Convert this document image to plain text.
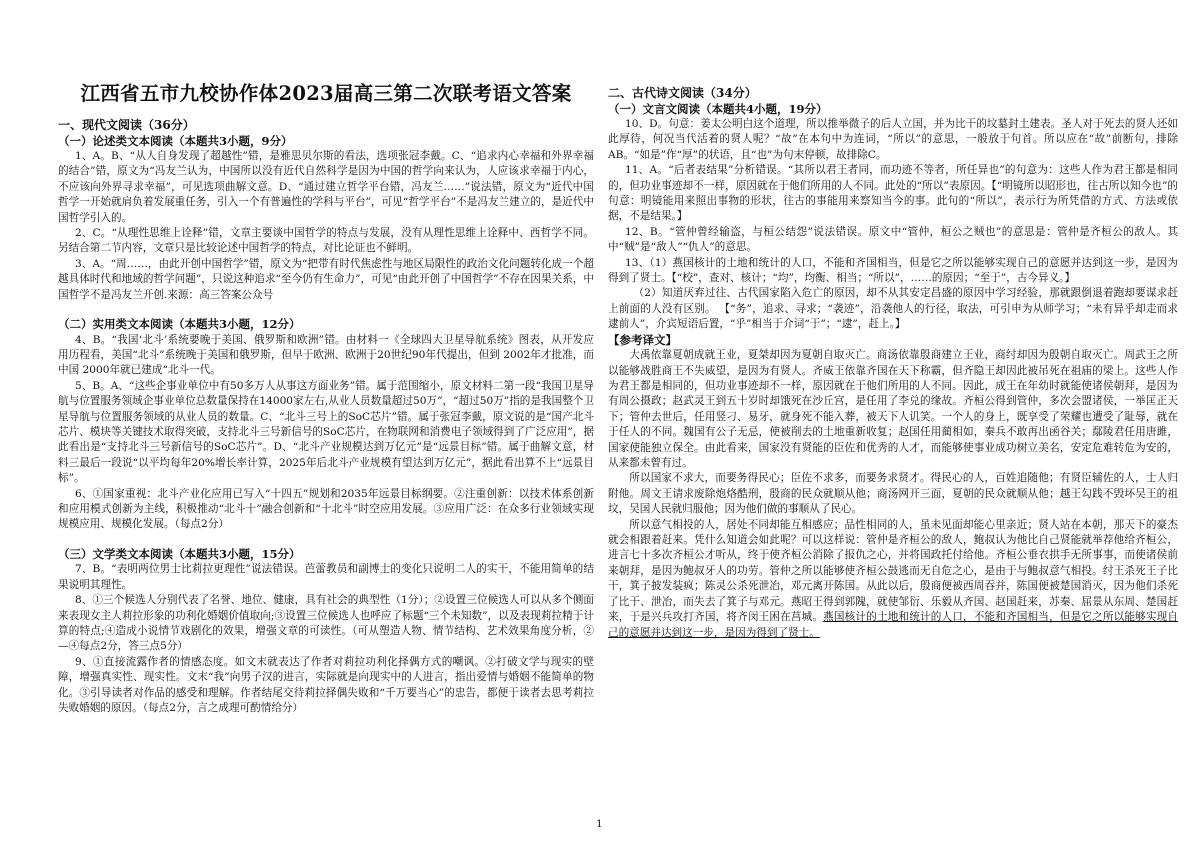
江西省五市九校协作体2023届高三第二次联考语文答案
一、现代文阅读（36分）
（一）论述类文本阅读（本题共3小题，9分）

1、A。B、“从人自身发现了超越性”错，是雅思贝尔斯的看法，选项张冠李戴。C、“追求内心幸福和外界幸福的结合”错，原文为“冯友兰认为，中国所以没有近代自然科学是因为中国的哲学向来认为，人应该求幸福于内心，不应该向外界寻求幸福”，可见选项曲解文意。D、“通过建立哲学平台错，冯友兰……”说法错，原文为“近代中国哲学一开始就肩负着发展重任务，引入一个有普遍性的学科与平台”，可见“哲学平台”不是冯友兰建立的，是近代中国哲学引入的。

2、C。“从理性思维上诠释”错，文章主要谈中国哲学的特点与发展，没有从理性思维上诠释中、西哲学不同。另结合第二节内容，文章只是比较论述中国哲学的特点，对比论证也不鲜明。

3、A。“周……，由此开创中国哲学”错，原文为“把带有时代焦虑性与地区局限性的政治文化问题转化成一个超越具体时代和地域的哲学问题”，只说这种追求“至今仍有生命力”，可见“由此开创了中国哲学”不存在因果关系，中国哲学不是冯友兰开创.来源：高三答案公众号

（二）实用类文本阅读（本题共3小题，12分）

4、B。“我国‘北斗’系统要晚于美国、俄罗斯和欧洲”错。由材料一《全球四大卫星导航系统》图表，从开发应用历程看，美国“北斗”系统晚于美国和俄罗斯，但早于欧洲、欧洲于20世纪90年代提出，但到 2002年才批准，而中国 2000年就已建成“北斗一代。

5、B。A、“这些企事业单位中有50多万人从事这方面业务”错。属于范围缩小，原文材料二第一段“我国卫星导航与位置服务领域企事业单位总数量保持在14000家左右,从业人员数量超过50万”，“超过50万”指的是我国整个卫星导航与位置服务领域的从业人员的数量。C、“北斗三号上的SoC芯片”错。属于张冠李戴，原文说的是“国产北斗芯片、模块等关键技术取得突破，支持北斗三号新信号的SoC芯片，在物联网和消费电子领域得到了广泛应用”，据此看出是“支持北斗三号新信号的SoC芯片”。D、“北斗产业规模达到万亿元”是“远景目标”错。属于曲解文意，材料三最后一段说“以平均每年20%增长率计算，2025年后北斗产业规模有望达到万亿元”，据此看出算不上“远景目标”。

6、①国家重视：北斗产业化应用已写入“十四五”规划和2035年远景目标纲要。②注重创新：以技术体系创新和应用模式创新为主线，积极推动“北斗十”融合创新和“十北斗”时空应用发展。③应用广泛：在众多行业领域实现规模应用、规模化发展。（每点2分）

（三）文学类文本阅读（本题共3小题，15分）

7、B。“表明两位男士比莉拉更理性”说法错误。芭蕾教员和副博士的变化只说明二人的实干，不能用简单的结果说明其理性。

8、①三个候选人分别代表了名誉、地位、健康，具有社会的典型性（1分）；②设置三位候选人可以从多个侧面来表现女主人莉拉形象的功利化婚姻价值取向;③设置三位候选人也呼应了标题“三个未知数”，以及表现莉拉精于计算的特点;④造成小说情节戏剧化的效果，增强文章的可读性。（可从塑造人物、情节结构、艺术效果角度分析，②—④每点2分，答三点5分）

9、①直接流露作者的情感态度。如文末就表达了作者对莉拉功利化择偶方式的嘲讽。②打破文学与现实的壁障，增强真实性、现实性。文末“我”向男子汉的进言，实际就是向现实中的人进言，指出爱情与婚姻不能简单的物化。③引导读者对作品的感受和理解。作者结尾交待莉拉择偶失败和“千万要当心”的忠告，都便于读者去思考莉拉失败婚姻的原因。（每点2分，言之成理可酌情给分）

二、古代诗文阅读（34分）
（一）文言文阅读（本题共4小题，19分）

10、D。句意：姜太公明白这个道理，所以推举微子的后人立国，并为比干的坟墓封土建表。圣人对于死去的贤人还如此厚待，何况当代活着的贤人呢？“故”在本句中为连词，“所以”的意思，一般放于句首。所以应在“故”前断句，排除AB。“如是”作“厚”的状语，且“也”为句末停顿，故排除C。

11、A。“后者表结果”分析错误。“其所以君王者同，而功迹不等者，所任异也”的句意为：这些人作为君王都是相同的，但功业事迹却不一样，原因就在于他们所用的人不同。此处的“所以”表原因。【“明镜所以昭形也，往古所以知今也”的句意：明镜能用来照出事物的形状，往古的事能用来察知当今的事。此句的“所以”，表示行为所凭借的方式、方法或依据，不是结果。】

12、B。“管仲曾经输盗，与桓公结怨”说法错误。原文中“管仲，桓公之贼也”的意思是：管仲是齐桓公的敌人。其中“贼”是“敌人”“仇人”的意思。

13、（1）燕国核计的土地和统计的人口，不能和齐国相当，但是它之所以能够实现自己的意愿并达到这一步，是因为得到了贤士。【“校”，查对、核计；“均”，均衡、相当；“所以”，……的原因；“至于”，古今异义。】

（2）知道厌弃过往、古代国家陷入危亡的原因，却不从其安定昌盛的原因中学习经验，那就跟倒退着跑却要谋求赶上前面的人没有区别。 【“务”，追求、寻求；“袭迹”，沿袭他人的行径，取法，可引申为从师学习；“未有异乎却走而求逮前人”，介宾短语后置，“乎”相当于介词“于”；“逮”，赶上。】

【参考译文】

大禹依靠夏朝成就王业，夏桀却因为夏朝自取灭亡。商汤依靠殷商建立王业，商纣却因为殷朝自取灭亡。周武王之所以能够战胜商王不失威望，是因为有贤人。齐威王依靠齐国在天下称霸，但齐隐王却因此被吊死在祖庙的梁上。这些人作为君王都是相同的，但功业事迹却不一样，原因就在于他们所用的人不同。因此，成王在年幼时就能使诸侯朝拜，是因为有周公摄政；赵武灵王到五十岁时却饿死在沙丘宫，是任用了李兑的缘故。齐桓公得到管仲，多次会盟诸侯，一举匡正天下；管仲去世后，任用竖刁、易牙，就身死不能入葬，被天下人讥笑。一个人的身上，既享受了荣耀也遭受了耻辱，就在于任人的不同。魏国有公子无忌，使被削去的土地重新收复；赵国任用蔺相如，秦兵不敢再出函谷关；鄢陵君任用唐雎，国家使能独立保全。由此看来，国家没有贤能的臣佐和优秀的人才，而能够使事业成功树立美名，安定危难转危为安的，从来都未曾有过。

所以国家不求大，而要务得民心；臣佐不求多，而要务求贤才。得民心的人，百姓追随他；有贤臣辅佐的人，士人归附他。周文王请求废除炮烙酷刑，殷商的民众就顺从他；商汤网开三面，夏朝的民众就顺从他；越王勾践不毁坏吴王的祖坟，吴国人民就归服他；因为他们做的事顺从了民心。

所以意气相投的人，居处不同却能互相感应；品性相同的人，虽未见面却能心里亲近；贤人站在本朝，那天下的豪杰就会相跟着赶来。凭什么知道会如此呢？可以这样说：管仲是齐桓公的敌人，鲍叔认为他比自己贤能就举荐他给齐桓公，进言七十多次齐桓公才听从，终于使齐桓公消除了报仇之心，并将国政托付给他。齐桓公垂衣拱手无所事事，而使诸侯前来朝拜，是因为鲍叔牙人的功劳。管仲之所以能够使齐桓公鼓逃而无自危之心，是由于与鲍叔意气相投。纣王杀死王子比干，箕子披发装疯；陈灵公杀死泄冶，邓元离开陈国。从此以后，殷商便被西周吞并，陈国便被楚国消灭，因为他们杀死了比干、泄冶，而失去了箕子与邓元。燕昭王得到郭隗，就使邹衍、乐毅从齐国、赵国赶来，苏秦、屈景从东周、楚国赶来，于是兴兵攻打齐国，将齐闵王困在莒城。燕国核计的土地和统计的人口，不能和齐国相当，但是它之所以能够实现自己的意愿并达到这一步，是因为得到了贤士。

1
